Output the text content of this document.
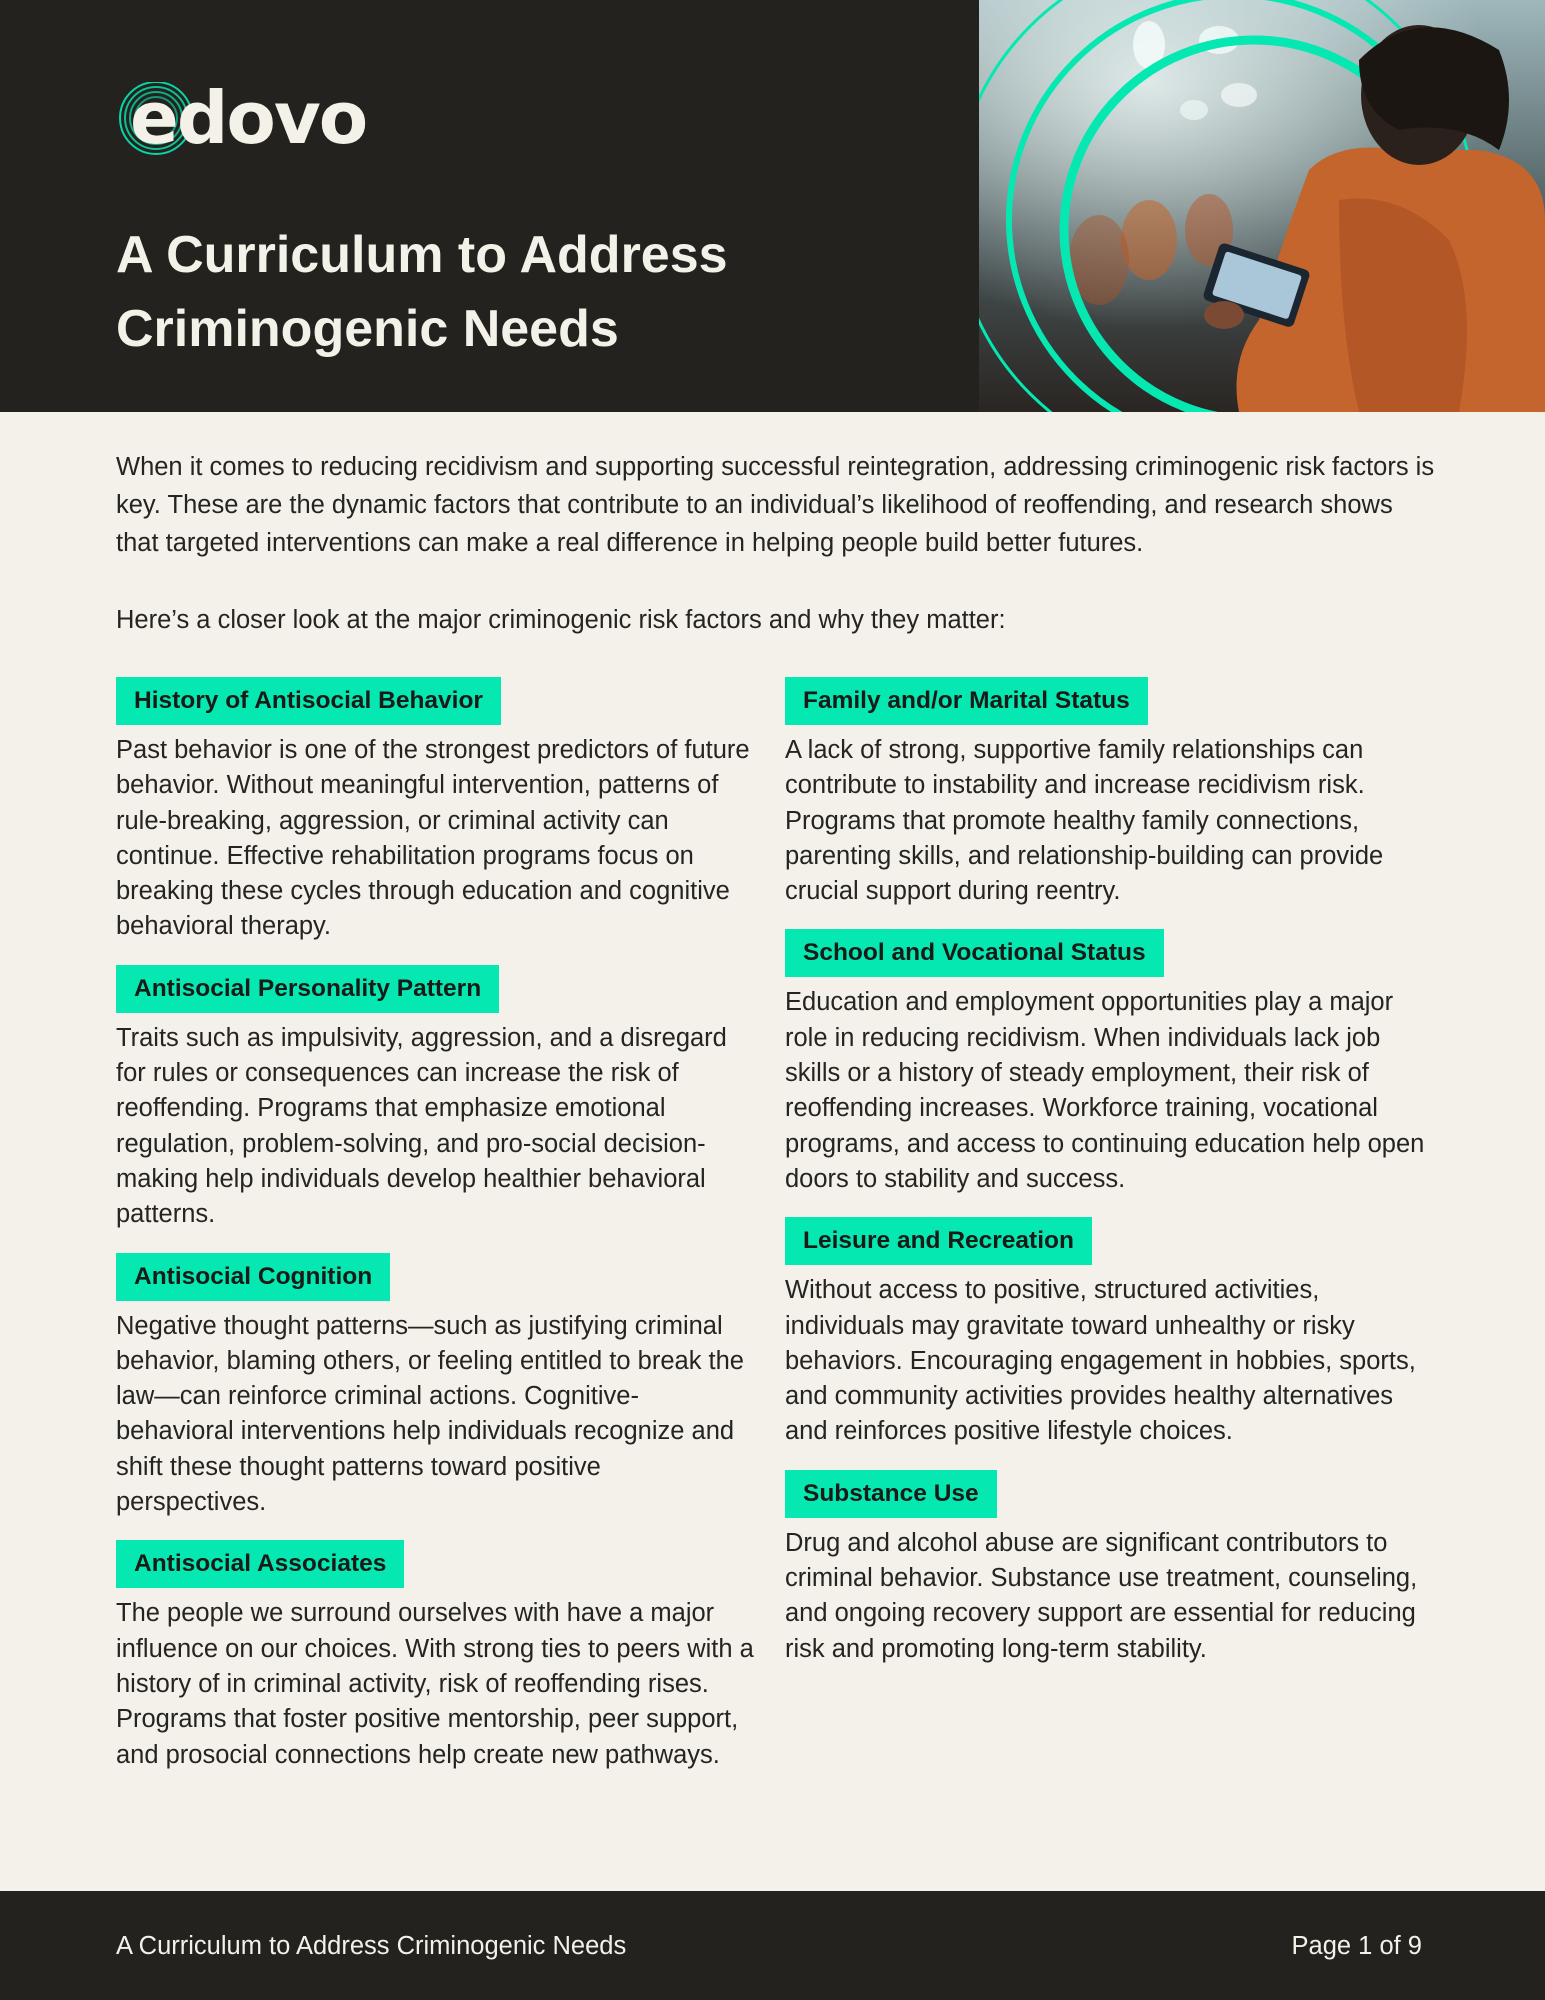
edovo
A Curriculum to Address
Criminogenic Needs

When it comes to reducing recidivism and supporting successful reintegration, addressing criminogenic risk factors is key. These are the dynamic factors that contribute to an individual’s likelihood of reoffending, and research shows that targeted interventions can make a real difference in helping people build better futures.

Here’s a closer look at the major criminogenic risk factors and why they matter:

History of Antisocial Behavior

Past behavior is one of the strongest predictors of future behavior. Without meaningful intervention, patterns of rule-breaking, aggression, or criminal activity can continue. Effective rehabilitation programs focus on breaking these cycles through education and cognitive behavioral therapy.

Antisocial Personality Pattern

Traits such as impulsivity, aggression, and a disregard for rules or consequences can increase the risk of reoffending. Programs that emphasize emotional regulation, problem-solving, and pro-social decision-making help individuals develop healthier behavioral patterns.

Antisocial Cognition

Negative thought patterns—such as justifying criminal behavior, blaming others, or feeling entitled to break the law—can reinforce criminal actions. Cognitive-behavioral interventions help individuals recognize and shift these thought patterns toward positive perspectives.

Antisocial Associates

The people we surround ourselves with have a major influence on our choices. With strong ties to peers with a history of in criminal activity, risk of reoffending rises. Programs that foster positive mentorship, peer support, and prosocial connections help create new pathways.

Family and/or Marital Status

A lack of strong, supportive family relationships can contribute to instability and increase recidivism risk. Programs that promote healthy family connections, parenting skills, and relationship-building can provide crucial support during reentry.

School and Vocational Status

Education and employment opportunities play a major role in reducing recidivism. When individuals lack job skills or a history of steady employment, their risk of reoffending increases. Workforce training, vocational programs, and access to continuing education help open doors to stability and success.

Leisure and Recreation

Without access to positive, structured activities, individuals may gravitate toward unhealthy or risky behaviors. Encouraging engagement in hobbies, sports, and community activities provides healthy alternatives and reinforces positive lifestyle choices.

Substance Use

Drug and alcohol abuse are significant contributors to criminal behavior. Substance use treatment, counseling, and ongoing recovery support are essential for reducing risk and promoting long-term stability.

A Curriculum to Address Criminogenic Needs	Page 1 of 9
